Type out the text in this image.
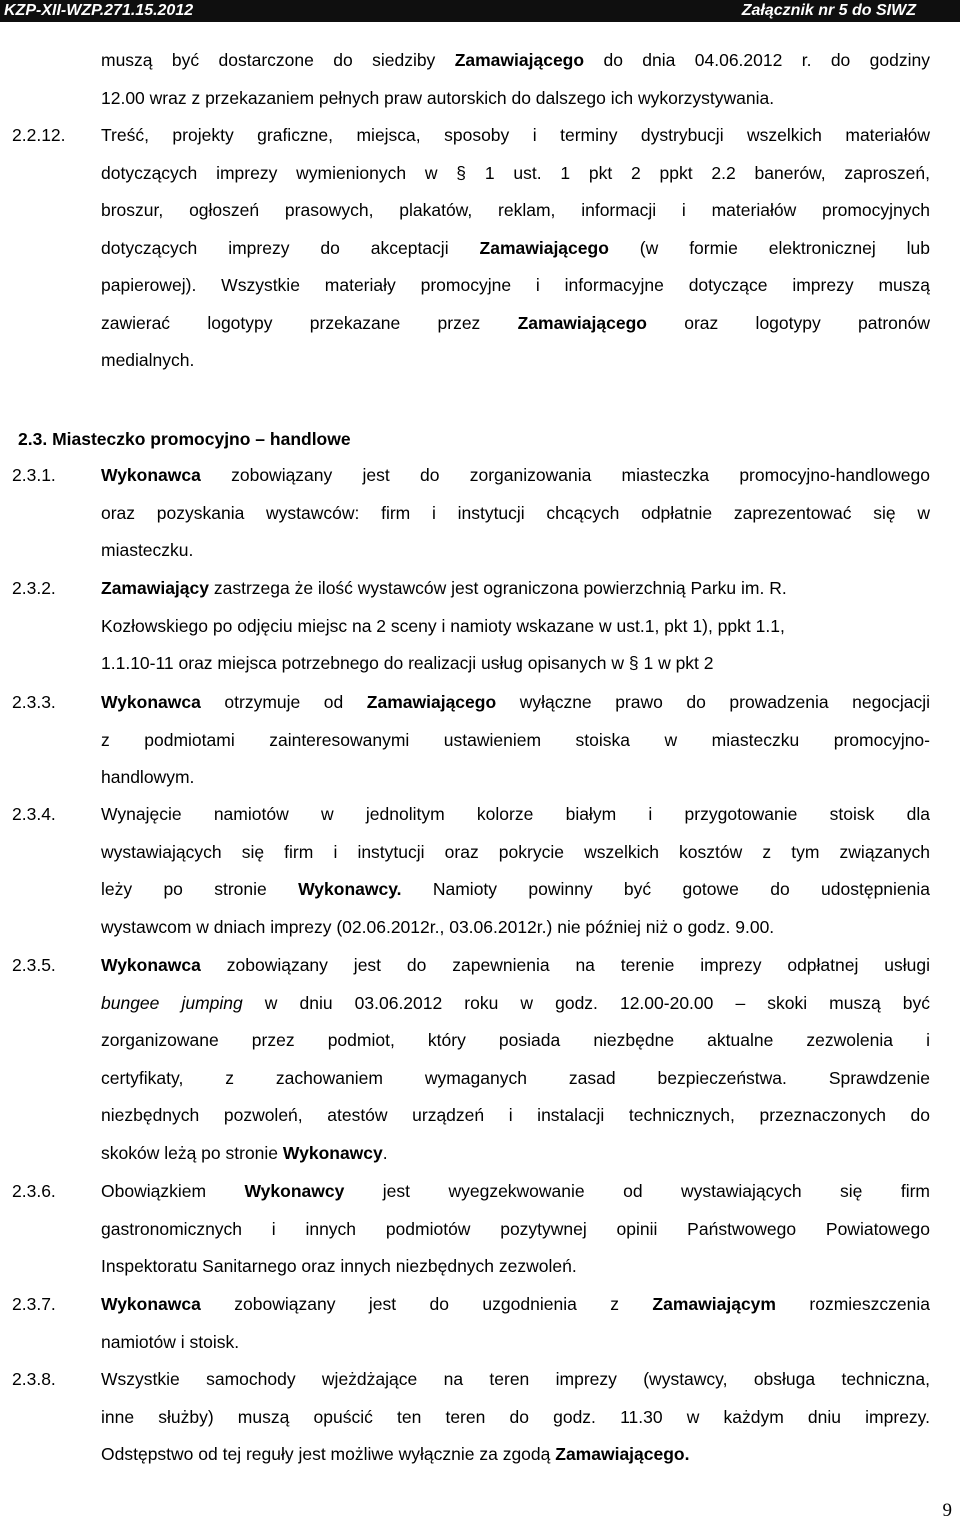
KZP-XII-WZP.271.15.2012	Załącznik nr 5 do SIWZ
muszą być dostarczone do siedziby Zamawiającego do dnia 04.06.2012 r. do godziny
12.00 wraz z przekazaniem pełnych praw autorskich do dalszego ich wykorzystywania.
2.2.12.	Treść, projekty graficzne, miejsca, sposoby i terminy dystrybucji wszelkich materiałów
dotyczących imprezy wymienionych w § 1 ust. 1 pkt 2 ppkt 2.2 banerów, zaproszeń,
broszur, ogłoszeń prasowych, plakatów, reklam, informacji i materiałów promocyjnych
dotyczących imprezy do akceptacji Zamawiającego (w formie elektronicznej lub
papierowej). Wszystkie materiały promocyjne i informacyjne dotyczące imprezy muszą
zawierać logotypy przekazane przez Zamawiającego oraz logotypy patronów
medialnych.
2.3. Miasteczko promocyjno – handlowe
2.3.1.	Wykonawca zobowiązany jest do zorganizowania miasteczka promocyjno-handlowego
oraz pozyskania wystawców: firm i instytucji chcących odpłatnie zaprezentować się w
miasteczku.
2.3.2.	Zamawiający zastrzega że ilość wystawców jest ograniczona powierzchnią Parku im. R.
Kozłowskiego po odjęciu miejsc na 2 sceny i namioty wskazane w ust.1, pkt 1), ppkt 1.1,
1.1.10-11 oraz miejsca potrzebnego do realizacji usług opisanych w § 1 w pkt 2
2.3.3.	Wykonawca otrzymuje od Zamawiającego wyłączne prawo do prowadzenia negocjacji
z podmiotami zainteresowanymi ustawieniem stoiska w miasteczku promocyjno-
handlowym.
2.3.4.	Wynajęcie namiotów w jednolitym kolorze białym i przygotowanie stoisk dla
wystawiających się firm i instytucji oraz pokrycie wszelkich kosztów z tym związanych
leży po stronie Wykonawcy. Namioty powinny być gotowe do udostępnienia
wystawcom w dniach imprezy (02.06.2012r., 03.06.2012r.) nie później niż o godz. 9.00.
2.3.5.	Wykonawca zobowiązany jest do zapewnienia na terenie imprezy odpłatnej usługi
bungee jumping w dniu 03.06.2012 roku w godz. 12.00-20.00 – skoki muszą być
zorganizowane przez podmiot, który posiada niezbędne aktualne zezwolenia i
certyfikaty, z zachowaniem wymaganych zasad bezpieczeństwa. Sprawdzenie
niezbędnych pozwoleń, atestów urządzeń i instalacji technicznych, przeznaczonych do
skoków leżą po stronie Wykonawcy.
2.3.6.	Obowiązkiem Wykonawcy jest wyegzekwowanie od wystawiających się firm
gastronomicznych i innych podmiotów pozytywnej opinii Państwowego Powiatowego
Inspektoratu Sanitarnego oraz innych niezbędnych zezwoleń.
2.3.7.	Wykonawca zobowiązany jest do uzgodnienia z Zamawiającym rozmieszczenia
namiotów i stoisk.
2.3.8.	Wszystkie samochody wjeżdżające na teren imprezy (wystawcy, obsługa techniczna,
inne służby) muszą opuścić ten teren do godz. 11.30 w każdym dniu imprezy.
Odstępstwo od tej reguły jest możliwe wyłącznie za zgodą Zamawiającego.
9
